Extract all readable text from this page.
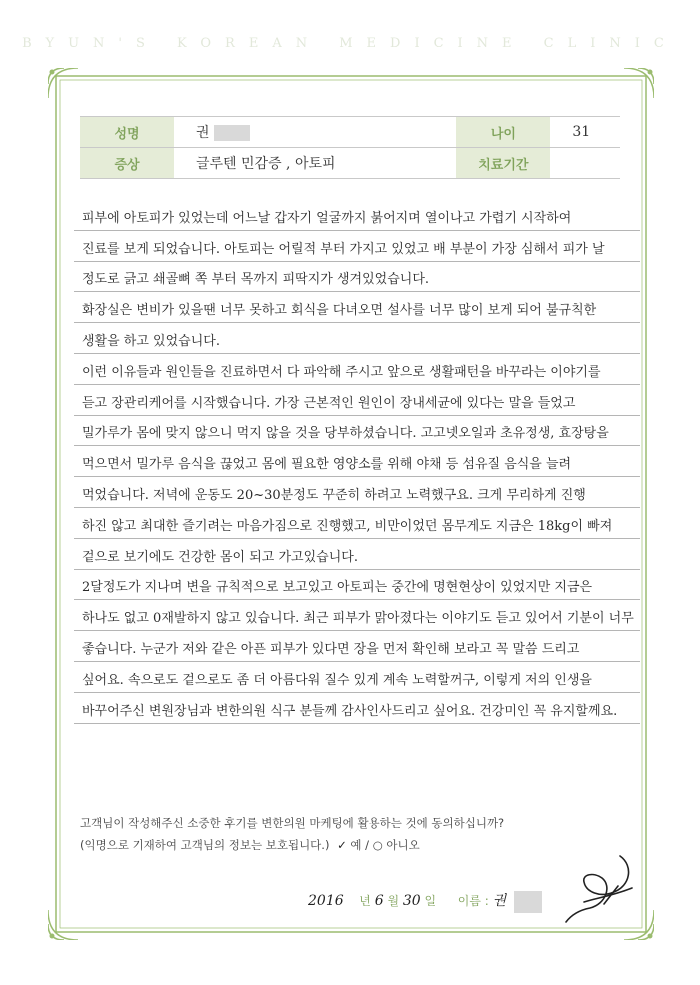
BYUN'S KOREAN MEDICINE CLINIC
성명	권	나이	31
증상	글루텐 민감증 , 아토피	치료기간	
피부에 아토피가 있었는데 어느날 갑자기 얼굴까지 붉어지며 열이나고 가렵기 시작하여
진료를 보게 되었습니다. 아토피는 어릴적 부터 가지고 있었고 배 부분이 가장 심해서 피가 날
정도로 긁고 쇄골뼈 쪽 부터 목까지 피딱지가 생겨있었습니다.
화장실은 변비가 있을땐 너무 못하고 회식을 다녀오면 설사를 너무 많이 보게 되어 불규칙한
생활을 하고 있었습니다.
이런 이유들과 원인들을 진료하면서 다 파악해 주시고 앞으로 생활패턴을 바꾸라는 이야기를
듣고 장관리케어를 시작했습니다. 가장 근본적인 원인이 장내세균에 있다는 말을 들었고
밀가루가 몸에 맞지 않으니 먹지 않을 것을 당부하셨습니다. 고고넷오일과 초유정생, 효장탕을
먹으면서 밀가루 음식을 끊었고 몸에 필요한 영양소를 위해 야채 등 섬유질 음식을 늘려
먹었습니다. 저녁에 운동도 20~30분정도 꾸준히 하려고 노력했구요. 크게 무리하게 진행
하진 않고 최대한 즐기려는 마음가짐으로 진행했고, 비만이었던 몸무게도 지금은 18kg이 빠져
겉으로 보기에도 건강한 몸이 되고 가고있습니다.
2달정도가 지나며 변을 규칙적으로 보고있고 아토피는 중간에 명현현상이 있었지만 지금은
하나도 없고 0재발하지 않고 있습니다. 최근 피부가 맑아졌다는 이야기도 듣고 있어서 기분이 너무
좋습니다. 누군가 저와 같은 아픈 피부가 있다면 장을 먼저 확인해 보라고 꼭 말씀 드리고
싶어요. 속으로도 겉으로도 좀 더 아름다워 질수 있게 계속 노력할꺼구, 이렇게 저의 인생을
바꾸어주신 변원장님과 변한의원 식구 분들께 감사인사드리고 싶어요. 건강미인 꼭 유지할께요.
고객님이 작성해주신 소중한 후기를 변한의원 마케팅에 활용하는 것에 동의하십니까?
(익명으로 기재하여 고객님의 정보는 보호됩니다.) ✓ 예 / ○ 아니오
2016 년 6 월 30 일 이름 : 권
